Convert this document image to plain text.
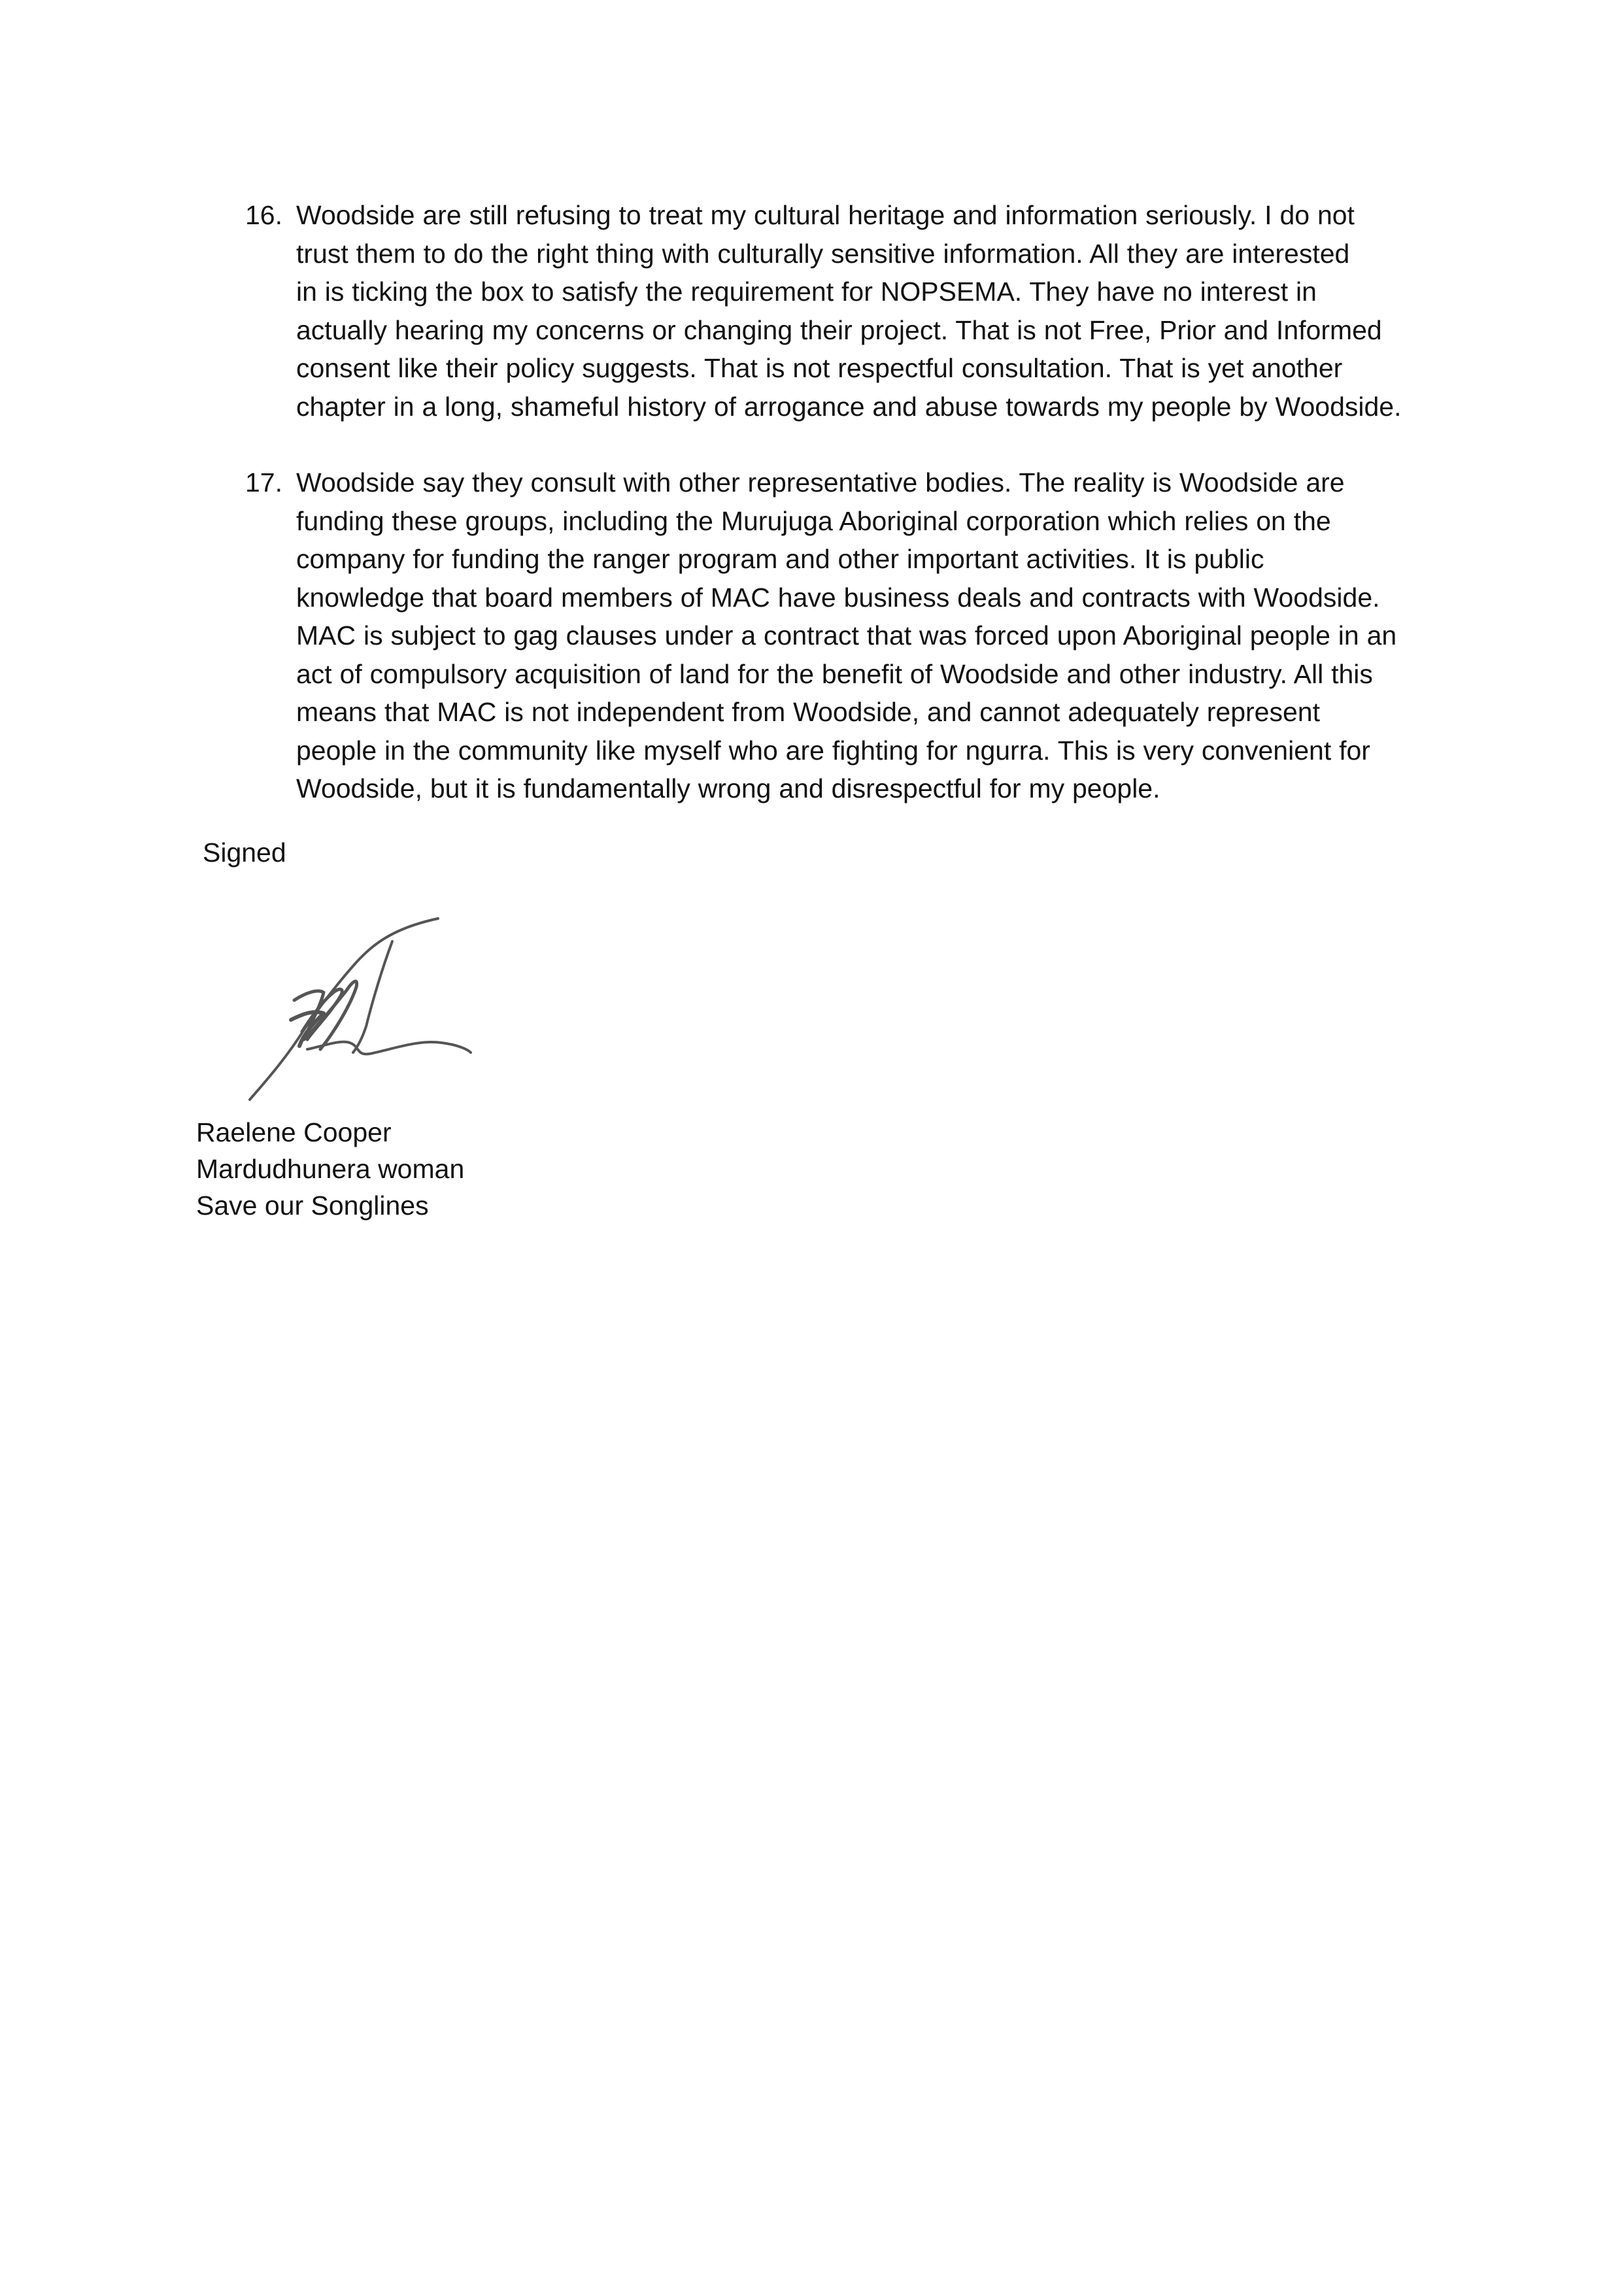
16. Woodside are still refusing to treat my cultural heritage and information seriously. I do not
trust them to do the right thing with culturally sensitive information. All they are interested
in is ticking the box to satisfy the requirement for NOPSEMA. They have no interest in
actually hearing my concerns or changing their project. That is not Free, Prior and Informed
consent like their policy suggests. That is not respectful consultation. That is yet another
chapter in a long, shameful history of arrogance and abuse towards my people by Woodside.
17. Woodside say they consult with other representative bodies. The reality is Woodside are
funding these groups, including the Murujuga Aboriginal corporation which relies on the
company for funding the ranger program and other important activities. It is public
knowledge that board members of MAC have business deals and contracts with Woodside.
MAC is subject to gag clauses under a contract that was forced upon Aboriginal people in an
act of compulsory acquisition of land for the benefit of Woodside and other industry. All this
means that MAC is not independent from Woodside, and cannot adequately represent
people in the community like myself who are fighting for ngurra. This is very convenient for
Woodside, but it is fundamentally wrong and disrespectful for my people.
Signed
Raelene Cooper
Mardudhunera woman
Save our Songlines
